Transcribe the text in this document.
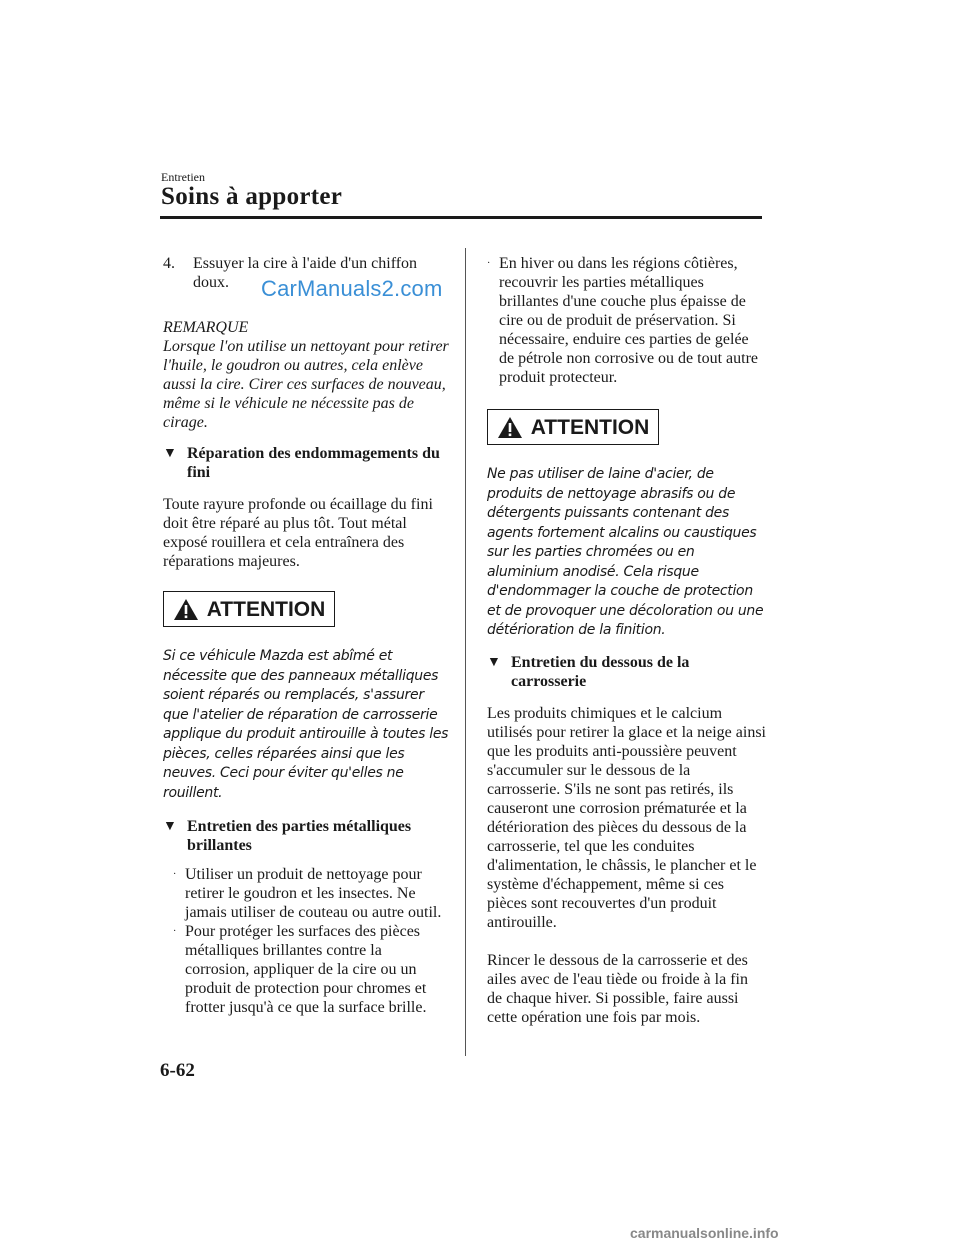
Entretien
Soins à apporter
4.	Essuyer la cire à l'aide d'un chiffon doux.
REMARQUE
Lorsque l'on utilise un nettoyant pour retirer l'huile, le goudron ou autres, cela enlève aussi la cire. Cirer ces surfaces de nouveau, même si le véhicule ne nécessite pas de cirage.
▼ Réparation des endommagements du fini
Toute rayure profonde ou écaillage du fini doit être réparé au plus tôt. Tout métal exposé rouillera et cela entraînera des réparations majeures.
ATTENTION
Si ce véhicule Mazda est abîmé et nécessite que des panneaux métalliques soient réparés ou remplacés, s'assurer que l'atelier de réparation de carrosserie applique du produit antirouille à toutes les pièces, celles réparées ainsi que les neuves. Ceci pour éviter qu'elles ne rouillent.
▼ Entretien des parties métalliques brillantes
· Utiliser un produit de nettoyage pour retirer le goudron et les insectes. Ne jamais utiliser de couteau ou autre outil.
· Pour protéger les surfaces des pièces métalliques brillantes contre la corrosion, appliquer de la cire ou un produit de protection pour chromes et frotter jusqu'à ce que la surface brille.
· En hiver ou dans les régions côtières, recouvrir les parties métalliques brillantes d'une couche plus épaisse de cire ou de produit de préservation. Si nécessaire, enduire ces parties de gelée de pétrole non corrosive ou de tout autre produit protecteur.
ATTENTION
Ne pas utiliser de laine d'acier, de produits de nettoyage abrasifs ou de détergents puissants contenant des agents fortement alcalins ou caustiques sur les parties chromées ou en aluminium anodisé. Cela risque d'endommager la couche de protection et de provoquer une décoloration ou une détérioration de la finition.
▼ Entretien du dessous de la carrosserie
Les produits chimiques et le calcium utilisés pour retirer la glace et la neige ainsi que les produits anti-poussière peuvent s'accumuler sur le dessous de la carrosserie. S'ils ne sont pas retirés, ils causeront une corrosion prématurée et la détérioration des pièces du dessous de la carrosserie, tel que les conduites d'alimentation, le châssis, le plancher et le système d'échappement, même si ces pièces sont recouvertes d'un produit antirouille.
Rincer le dessous de la carrosserie et des ailes avec de l'eau tiède ou froide à la fin de chaque hiver. Si possible, faire aussi cette opération une fois par mois.
CarManuals2.com
6-62
carmanualsonline.info
